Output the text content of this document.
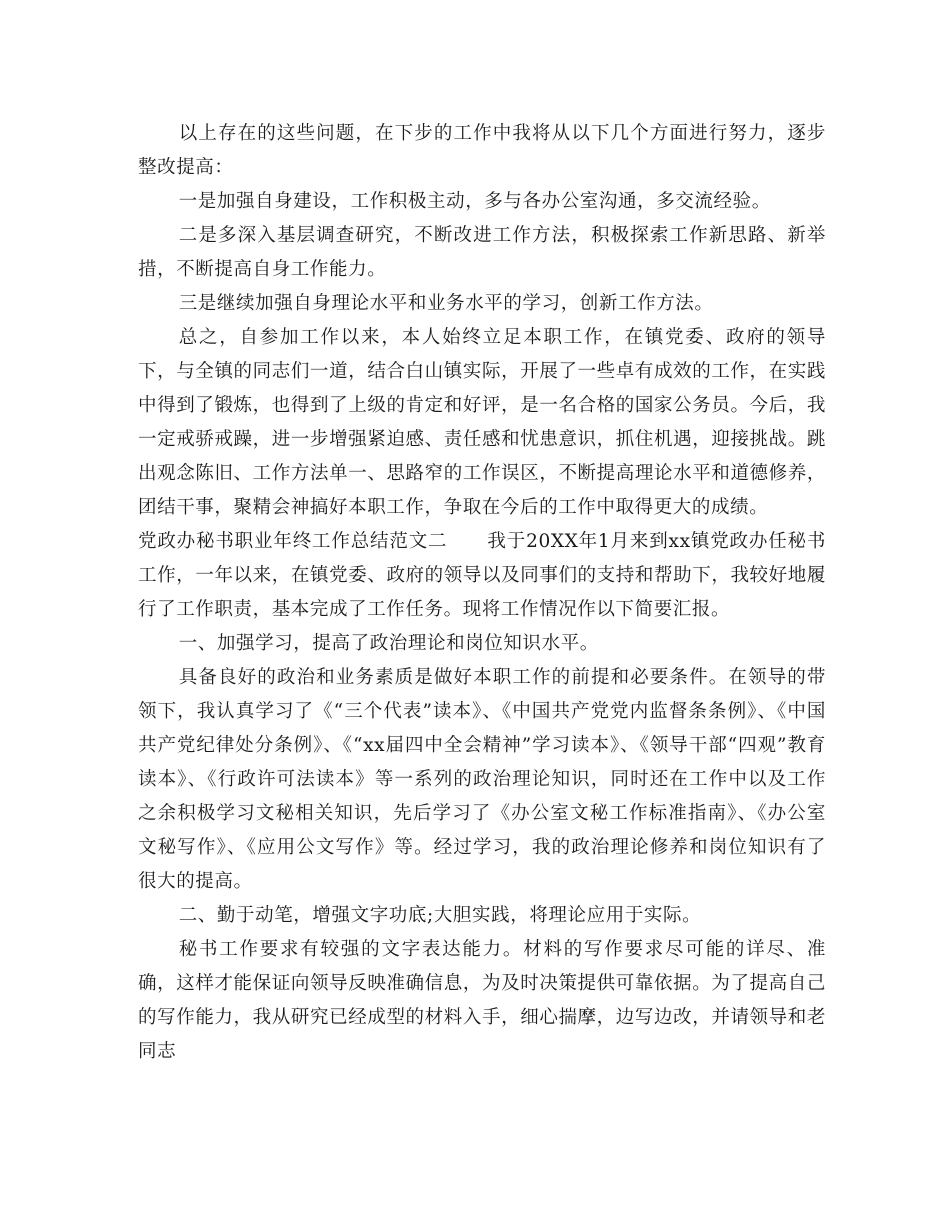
以上存在的这些问题，在下步的工作中我将从以下几个方面进行努力，逐步整改提高：

一是加强自身建设，工作积极主动，多与各办公室沟通，多交流经验。

二是多深入基层调查研究，不断改进工作方法，积极探索工作新思路、新举措，不断提高自身工作能力。

三是继续加强自身理论水平和业务水平的学习，创新工作方法。

总之，自参加工作以来，本人始终立足本职工作，在镇党委、政府的领导下，与全镇的同志们一道，结合白山镇实际，开展了一些卓有成效的工作，在实践中得到了锻炼，也得到了上级的肯定和好评，是一名合格的国家公务员。今后，我一定戒骄戒躁，进一步增强紧迫感、责任感和忧患意识，抓住机遇，迎接挑战。跳出观念陈旧、工作方法单一、思路窄的工作误区，不断提高理论水平和道德修养，团结干事，聚精会神搞好本职工作，争取在今后的工作中取得更大的成绩。

党政办秘书职业年终工作总结范文二 我于20XX年1月来到xx镇党政办任秘书工作，一年以来，在镇党委、政府的领导以及同事们的支持和帮助下，我较好地履行了工作职责，基本完成了工作任务。现将工作情况作以下简要汇报。

一、加强学习，提高了政治理论和岗位知识水平。

具备良好的政治和业务素质是做好本职工作的前提和必要条件。在领导的带领下，我认真学习了《“三个代表”读本》、《中国共产党党内监督条条例》、《中国共产党纪律处分条例》、《“xx届四中全会精神”学习读本》、《领导干部“四观”教育读本》、《行政许可法读本》等一系列的政治理论知识，同时还在工作中以及工作之余积极学习文秘相关知识，先后学习了《办公室文秘工作标准指南》、《办公室文秘写作》、《应用公文写作》等。经过学习，我的政治理论修养和岗位知识有了很大的提高。

二、勤于动笔，增强文字功底;大胆实践，将理论应用于实际。

秘书工作要求有较强的文字表达能力。材料的写作要求尽可能的详尽、准确，这样才能保证向领导反映准确信息，为及时决策提供可靠依据。为了提高自己的写作能力，我从研究已经成型的材料入手，细心揣摩，边写边改，并请领导和老同志
